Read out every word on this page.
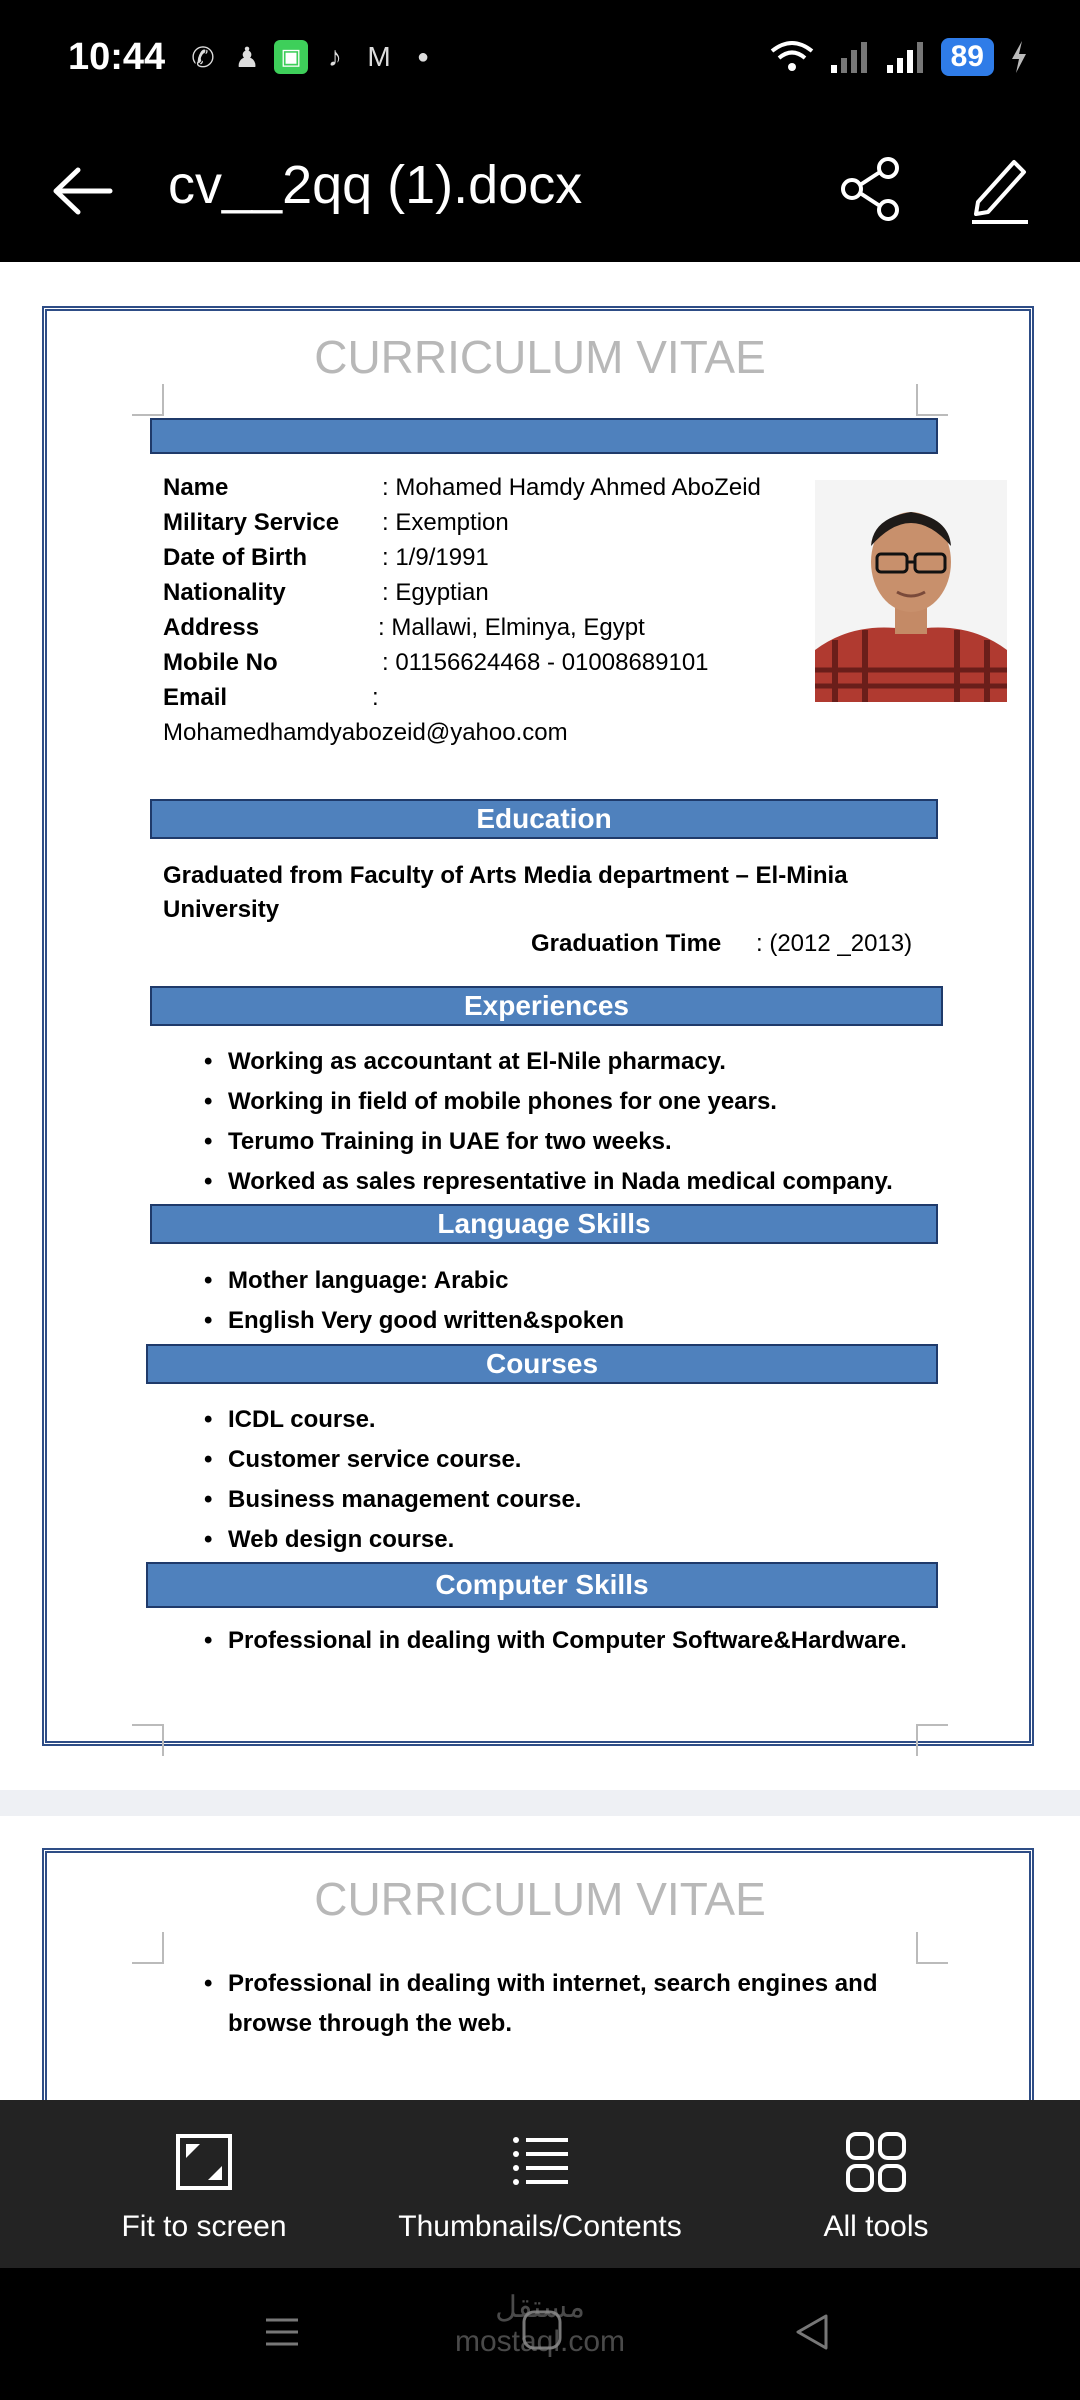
10:44 ✆ ♟ ▣ ♪ M	●	89
cv__2qq (1).docx
CURRICULUM VITAE
Name	: Mohamed Hamdy Ahmed AboZeid
Military Service : Exemption
Date of Birth	: 1/9/1991
Nationality	: Egyptian
Address	: Mallawi, Elminya, Egypt
Mobile No	: 01156624468 - 01008689101
Email	:
Mohamedhamdyabozeid@yahoo.com
Education
Graduated from Faculty of Arts Media department – El-Minia
University
Graduation Time : (2012 _2013)
Experiences
• Working as accountant at El-Nile pharmacy.
• Working in field of mobile phones for one years.
• Terumo Training in UAE for two weeks.
• Worked as sales representative in Nada medical company.
Language Skills
• Mother language: Arabic
• English Very good written&spoken
Courses
• ICDL course.
• Customer service course.
• Business management course.
• Web design course.
Computer Skills
• Professional in dealing with Computer Software&Hardware.
CURRICULUM VITAE
• Professional in dealing with internet, search engines and
browse through the web.
Fit to screen	Thumbnails/Contents	All tools
مستقل mostaql.com
